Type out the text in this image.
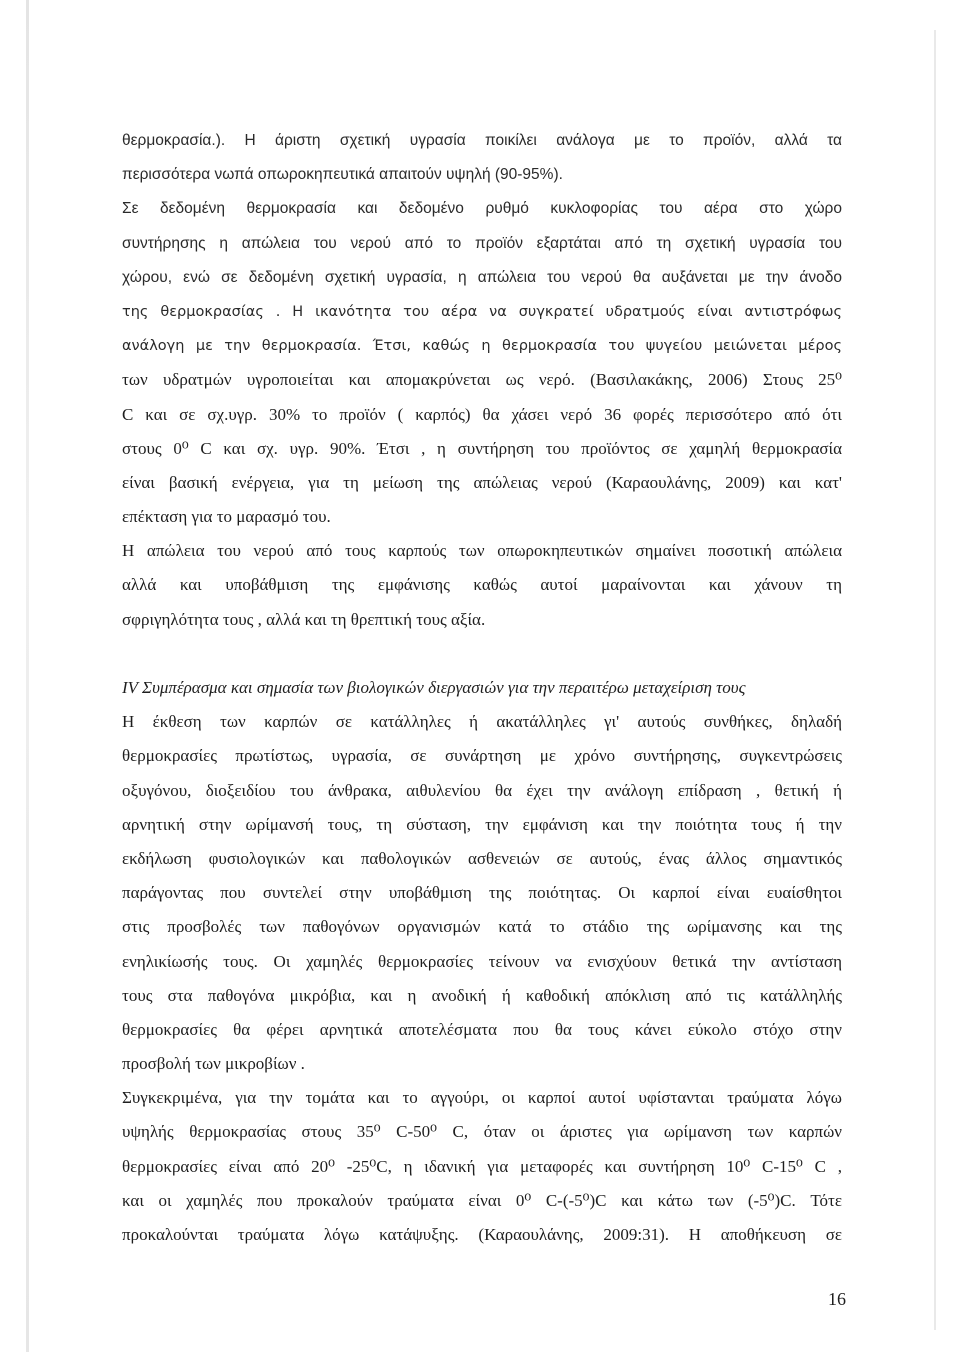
θερμοκρασία.). Η άριστη σχετική υγρασία ποικίλει ανάλογα με το προϊόν, αλλά τα
περισσότερα νωπά οπωροκηπευτικά απαιτούν υψηλή (90-95%).
Σε δεδομένη θερμοκρασία και δεδομένο ρυθμό κυκλοφορίας του αέρα στο χώρο
συντήρησης η απώλεια του νερού από το προϊόν εξαρτάται από τη σχετική υγρασία του
χώρου, ενώ σε δεδομένη σχετική υγρασία, η απώλεια του νερού θα αυξάνεται με την άνοδο
της θερμοκρασίας . Η ικανότητα του αέρα να συγκρατεί υδρατμούς είναι αντιστρόφως
ανάλογη με την θερμοκρασία. Έτσι, καθώς η θερμοκρασία του ψυγείου μειώνεται μέρος
των υδρατμών υγροποιείται και απομακρύνεται ως νερό. (Βασιλακάκης, 2006) Στους 25⁰
C και σε σχ.υγρ. 30% το προϊόν ( καρπός) θα χάσει νερό 36 φορές περισσότερο από ότι
στους 0⁰ C και σχ. υγρ. 90%. Έτσι , η συντήρηση του προϊόντος σε χαμηλή θερμοκρασία
είναι βασική ενέργεια, για τη μείωση της απώλειας νερού (Καραουλάνης, 2009) και κατ'
επέκταση για το μαρασμό του.
Η απώλεια του νερού από τους καρπούς των οπωροκηπευτικών σημαίνει ποσοτική απώλεια
αλλά και υποβάθμιση της εμφάνισης καθώς αυτοί μαραίνονται και χάνουν τη
σφριγηλότητα τους , αλλά και τη θρεπτική τους αξία.
IV Συμπέρασμα και σημασία των βιολογικών διεργασιών για την περαιτέρω μεταχείριση τους
Η έκθεση των καρπών σε κατάλληλες ή ακατάλληλες γι' αυτούς συνθήκες, δηλαδή
θερμοκρασίες πρωτίστως, υγρασία, σε συνάρτηση με χρόνο συντήρησης, συγκεντρώσεις
οξυγόνου, διοξειδίου του άνθρακα, αιθυλενίου θα έχει την ανάλογη επίδραση , θετική ή
αρνητική στην ωρίμανσή τους, τη σύσταση, την εμφάνιση και την ποιότητα τους ή την
εκδήλωση φυσιολογικών και παθολογικών ασθενειών σε αυτούς, ένας άλλος σημαντικός
παράγοντας που συντελεί στην υποβάθμιση της ποιότητας. Οι καρποί είναι ευαίσθητοι
στις προσβολές των παθογόνων οργανισμών κατά το στάδιο της ωρίμανσης και της
ενηλικίωσής τους. Οι χαμηλές θερμοκρασίες τείνουν να ενισχύουν θετικά την αντίσταση
τους στα παθογόνα μικρόβια, και η ανοδική ή καθοδική απόκλιση από τις κατάλληλής
θερμοκρασίες θα φέρει αρνητικά αποτελέσματα που θα τους κάνει εύκολο στόχο στην
προσβολή των μικροβίων .
Συγκεκριμένα, για την τομάτα και το αγγούρι, οι καρποί αυτοί υφίστανται τραύματα λόγω
υψηλής θερμοκρασίας στους 35⁰ C-50⁰ C, όταν οι άριστες για ωρίμανση των καρπών
θερμοκρασίες είναι από 20⁰ -25⁰C, η ιδανική για μεταφορές και συντήρηση 10⁰ C-15⁰ C ,
και οι χαμηλές που προκαλούν τραύματα είναι 0⁰ C-(-5⁰)C και κάτω των (-5⁰)C. Τότε
προκαλούνται τραύματα λόγω κατάψυξης. (Καραουλάνης, 2009:31). Η αποθήκευση σε
16
